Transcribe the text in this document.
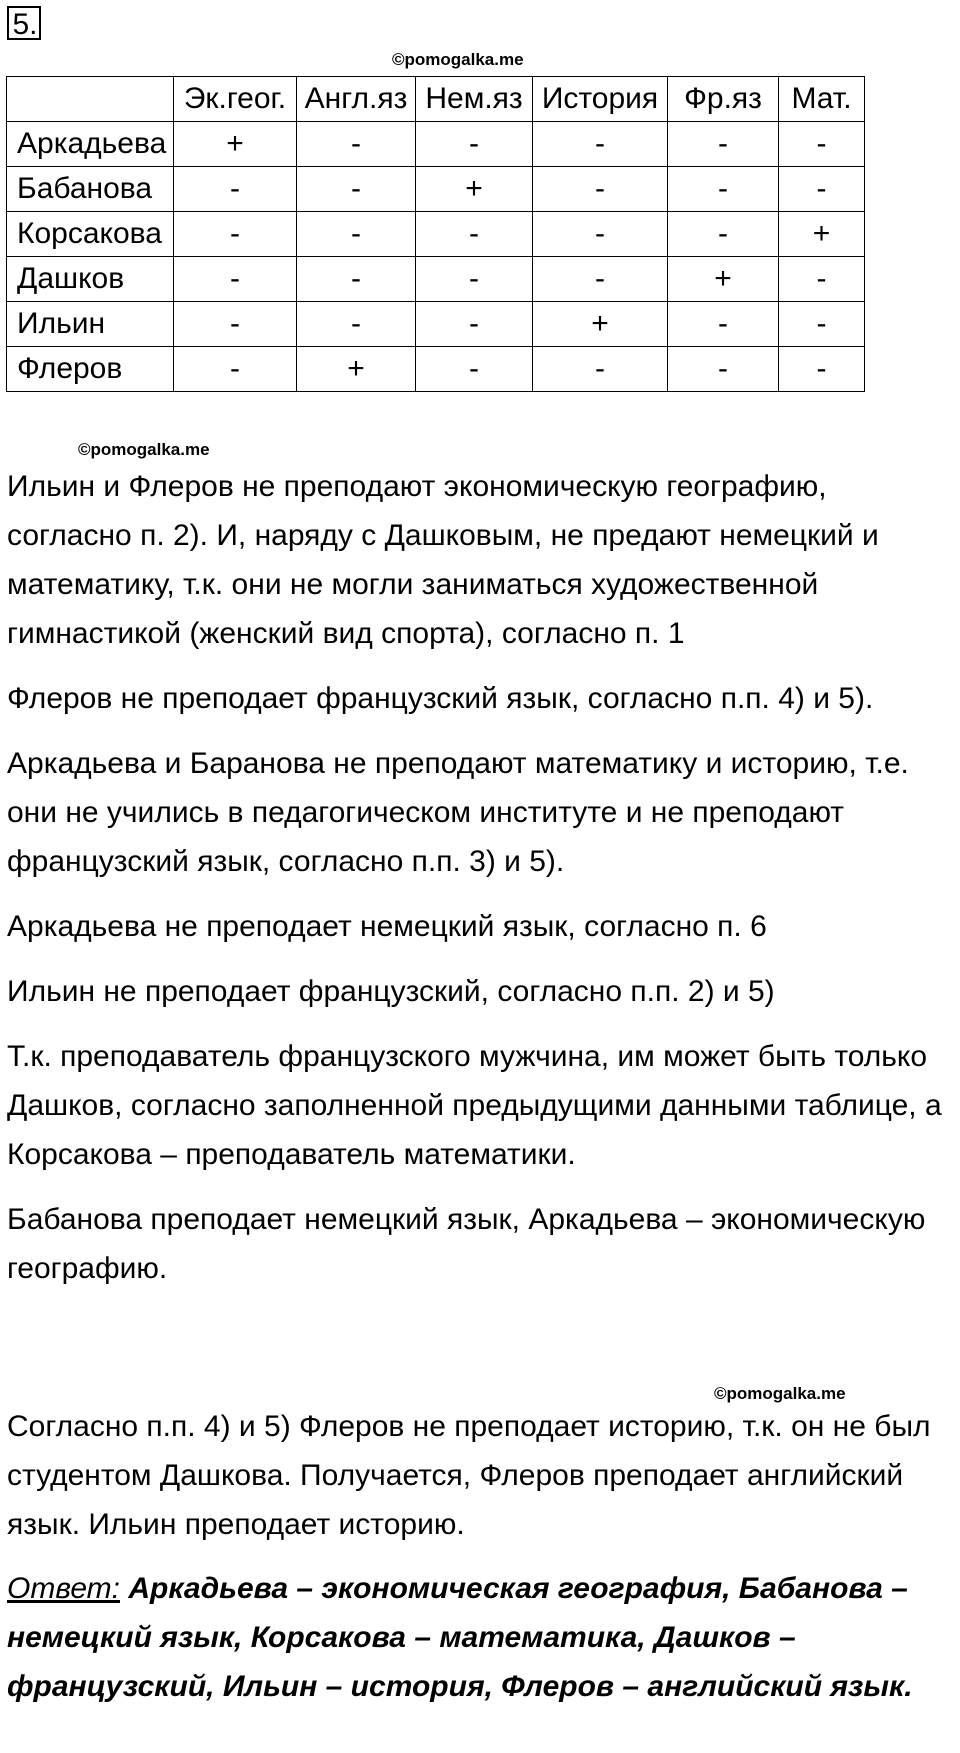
5.
©pomogalka.me
	Эк.геог.	Англ.яз	Нем.яз	История	Фр.яз	Мат.
Аркадьева	+	-	-	-	-	-
Бабанова	-	-	+	-	-	-
Корсакова	-	-	-	-	-	+
Дашков	-	-	-	-	+	-
Ильин	-	-	-	+	-	-
Флеров	-	+	-	-	-	-
©pomogalka.me

Ильин и Флеров не преподают экономическую географию, согласно п. 2). И, наряду с Дашковым, не предают немецкий и математику, т.к. они не могли заниматься художественной гимнастикой (женский вид спорта), согласно п. 1

Флеров не преподает французский язык, согласно п.п. 4) и 5).

Аркадьева и Баранова не преподают математику и историю, т.е. они не учились в педагогическом институте и не преподают французский язык, согласно п.п. 3) и 5).

Аркадьева не преподает немецкий язык, согласно п. 6

Ильин не преподает французский, согласно п.п. 2) и 5)

Т.к. преподаватель французского мужчина, им может быть только Дашков, согласно заполненной предыдущими данными таблице, а Корсакова – преподаватель математики.

Бабанова преподает немецкий язык, Аркадьева – экономическую географию.

©pomogalka.me

Согласно п.п. 4) и 5) Флеров не преподает историю, т.к. он не был студентом Дашкова. Получается, Флеров преподает английский язык. Ильин преподает историю.

Ответ: Аркадьева – экономическая география, Бабанова – немецкий язык, Корсакова – математика, Дашков – французский, Ильин – история, Флеров – английский язык.
